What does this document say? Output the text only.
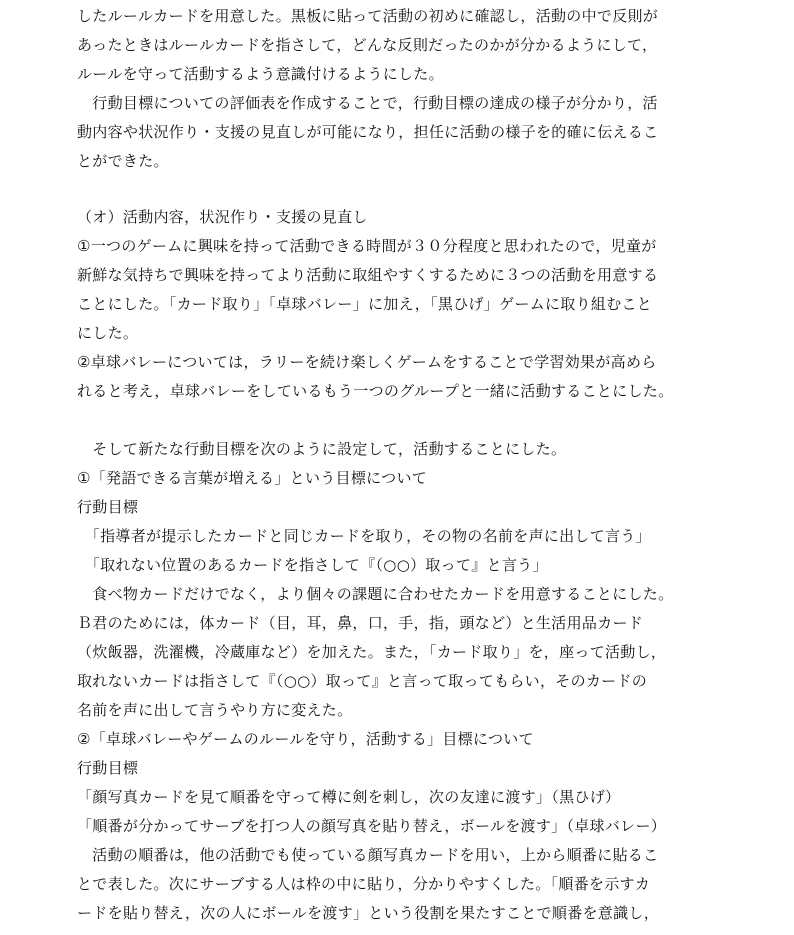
したルールカードを用意した。黒板に貼って活動の初めに確認し，活動の中で反則が
あったときはルールカードを指さして，どんな反則だったのかが分かるようにして，
ルールを守って活動するよう意識付けるようにした。
　行動目標についての評価表を作成することで，行動目標の達成の様子が分かり，活
動内容や状況作り・支援の見直しが可能になり，担任に活動の様子を的確に伝えるこ
とができた。
（オ）活動内容，状況作り・支援の見直し
①一つのゲームに興味を持って活動できる時間が３０分程度と思われたので，児童が
新鮮な気持ちで興味を持ってより活動に取組やすくするために３つの活動を用意する
ことにした。「カード取り」「卓球バレー」に加え，「黒ひげ」ゲームに取り組むこと
にした。
②卓球バレーについては，ラリーを続け楽しくゲームをすることで学習効果が高めら
れると考え，卓球バレーをしているもう一つのグループと一緒に活動することにした。
　そして新たな行動目標を次のように設定して，活動することにした。
①「発語できる言葉が増える」という目標について
行動目標
　「指導者が提示したカードと同じカードを取り，その物の名前を声に出して言う」
　「取れない位置のあるカードを指さして『（○○）取って』と言う」
　食べ物カードだけでなく，より個々の課題に合わせたカードを用意することにした。
Ｂ君のためには，体カード（目，耳，鼻，口，手，指，頭など）と生活用品カード
（炊飯器，洗濯機，冷蔵庫など）を加えた。また，「カード取り」を，座って活動し，
取れないカードは指さして『（○○）取って』と言って取ってもらい，そのカードの
名前を声に出して言うやり方に変えた。
②「卓球バレーやゲームのルールを守り，活動する」目標について
行動目標
「顔写真カードを見て順番を守って樽に剣を刺し，次の友達に渡す」（黒ひげ）
「順番が分かってサーブを打つ人の顔写真を貼り替え，ボールを渡す」（卓球バレー）
　活動の順番は，他の活動でも使っている顔写真カードを用い，上から順番に貼るこ
とで表した。次にサーブする人は枠の中に貼り，分かりやすくした。「順番を示すカ
ードを貼り替え，次の人にボールを渡す」という役割を果たすことで順番を意識し，
